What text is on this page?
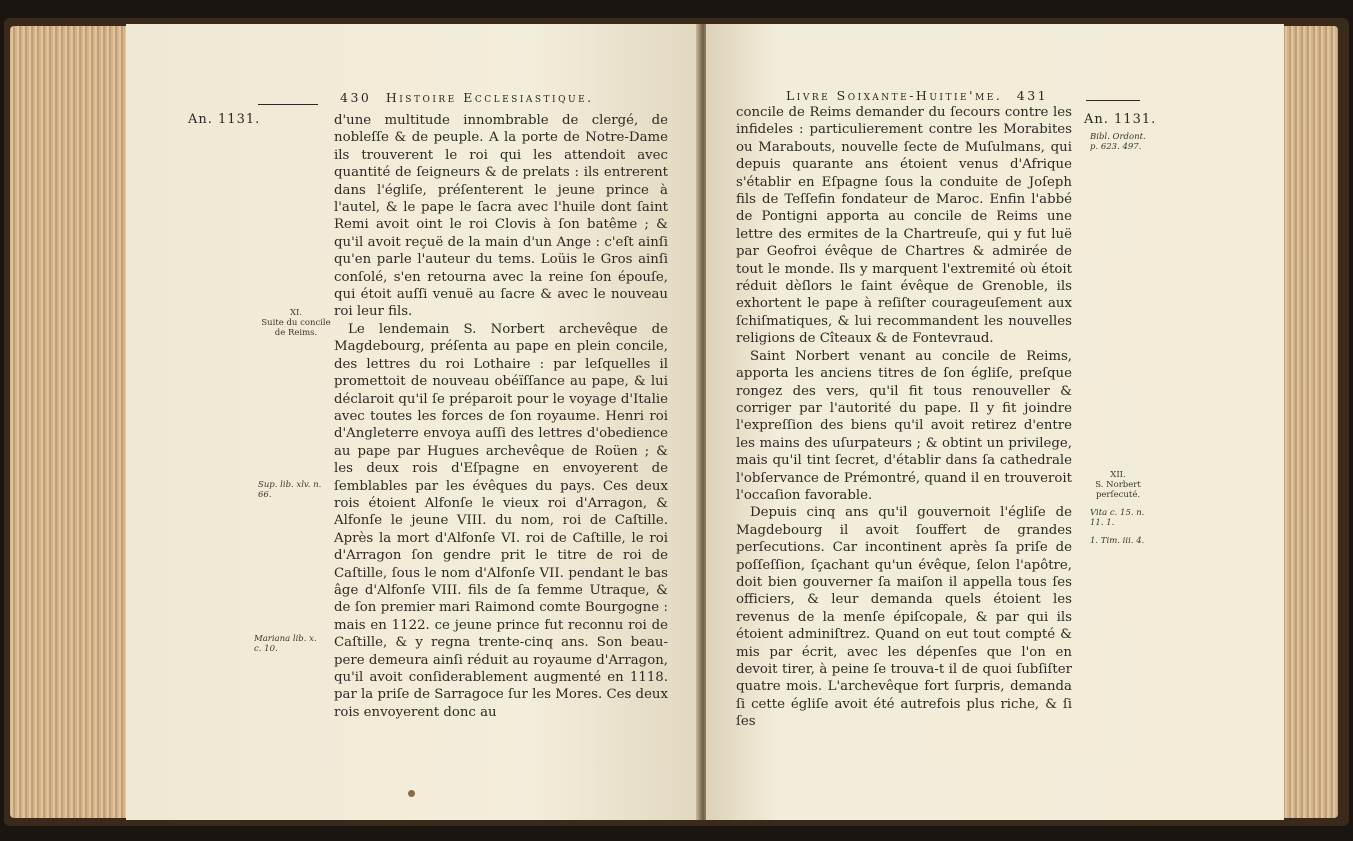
430 Histoire Ecclesiastique.
An. 1131.
XI.
Suite du concile de Reims.
Sup. lib. xlv. n. 66.
Mariana lib. x. c. 10.

d'une multitude innombrable de clergé, de nobleſſe & de peuple. A la porte de Notre-Dame ils trouverent le roi qui les attendoit avec quantité de ſeigneurs & de prelats : ils entrerent dans l'égliſe, préſenterent le jeune prince à l'autel, & le pape le ſacra avec l'huile dont ſaint Remi avoit oint le roi Clovis à ſon batême ; & qu'il avoit reçuë de la main d'un Ange : c'eſt ainſi qu'en parle l'auteur du tems. Loüis le Gros ainſi conſolé, s'en retourna avec la reine ſon épouſe, qui étoit auſſi venuë au ſacre & avec le nouveau roi leur fils.

Le lendemain S. Norbert archevêque de Magdebourg, préſenta au pape en plein concile, des lettres du roi Lothaire : par leſquelles il promettoit de nouveau obéïſſance au pape, & lui déclaroit qu'il ſe préparoit pour le voyage d'Italie avec toutes les forces de ſon royaume. Henri roi d'Angleterre envoya auſſi des lettres d'obedience au pape par Hugues archevêque de Roüen ; & les deux rois d'Eſpagne en envoyerent de ſemblables par les évêques du pays. Ces deux rois étoient Alfonſe le vieux roi d'Arragon, & Alfonſe le jeune VIII. du nom, roi de Caſtille. Après la mort d'Alfonſe VI. roi de Caſtille, le roi d'Arragon ſon gendre prit le titre de roi de Caſtille, ſous le nom d'Alfonſe VII. pendant le bas âge d'Alfonſe VIII. fils de ſa femme Utraque, & de ſon premier mari Raimond comte Bourgogne : mais en 1122. ce jeune prince fut reconnu roi de Caſtille, & y regna trente-cinq ans. Son beau-pere demeura ainſi réduit au royaume d'Arragon, qu'il avoit conſiderablement augmenté en 1118. par la priſe de Sarragoce ſur les Mores. Ces deux rois envoyerent donc au

Livre Soixante-Huitie'me. 431
An. 1131.
Bibl. Ordont. p. 623. 497.
XII.
S. Norbert perſecuté.
Vita c. 15. n. 11. 1.
1. Tim. iii. 4.

concile de Reims demander du ſecours contre les infideles : particulierement contre les Morabites ou Marabouts, nouvelle ſecte de Muſulmans, qui depuis quarante ans étoient venus d'Afrique s'établir en Eſpagne ſous la conduite de Joſeph fils de Teſſefin fondateur de Maroc. Enfin l'abbé de Pontigni apporta au concile de Reims une lettre des ermites de la Chartreuſe, qui y fut luë par Geofroi évêque de Chartres & admirée de tout le monde. Ils y marquent l'extremité où étoit réduit dèſlors le ſaint évêque de Grenoble, ils exhortent le pape à reſiſter courageuſement aux ſchiſmatiques, & lui recommandent les nouvelles religions de Cîteaux & de Fontevraud.

Saint Norbert venant au concile de Reims, apporta les anciens titres de ſon égliſe, preſque rongez des vers, qu'il fit tous renouveller & corriger par l'autorité du pape. Il y fit joindre l'expreſſion des biens qu'il avoit retirez d'entre les mains des uſurpateurs ; & obtint un privilege, mais qu'il tint ſecret, d'établir dans ſa cathedrale l'obſervance de Prémontré, quand il en trouveroit l'occaſion favorable.

Depuis cinq ans qu'il gouvernoit l'égliſe de Magdebourg il avoit ſouffert de grandes perſecutions. Car incontinent après ſa priſe de poſſeſſion, ſçachant qu'un évêque, ſelon l'apôtre, doit bien gouverner ſa maiſon il appella tous ſes officiers, & leur demanda quels étoient les revenus de la menſe épiſcopale, & par qui ils étoient adminiſtrez. Quand on eut tout compté & mis par écrit, avec les dépenſes que l'on en devoit tirer, à peine ſe trouva-t il de quoi ſubſiſter quatre mois. L'archevêque fort ſurpris, demanda ſi cette égliſe avoit été autrefois plus riche, & ſi ſes
